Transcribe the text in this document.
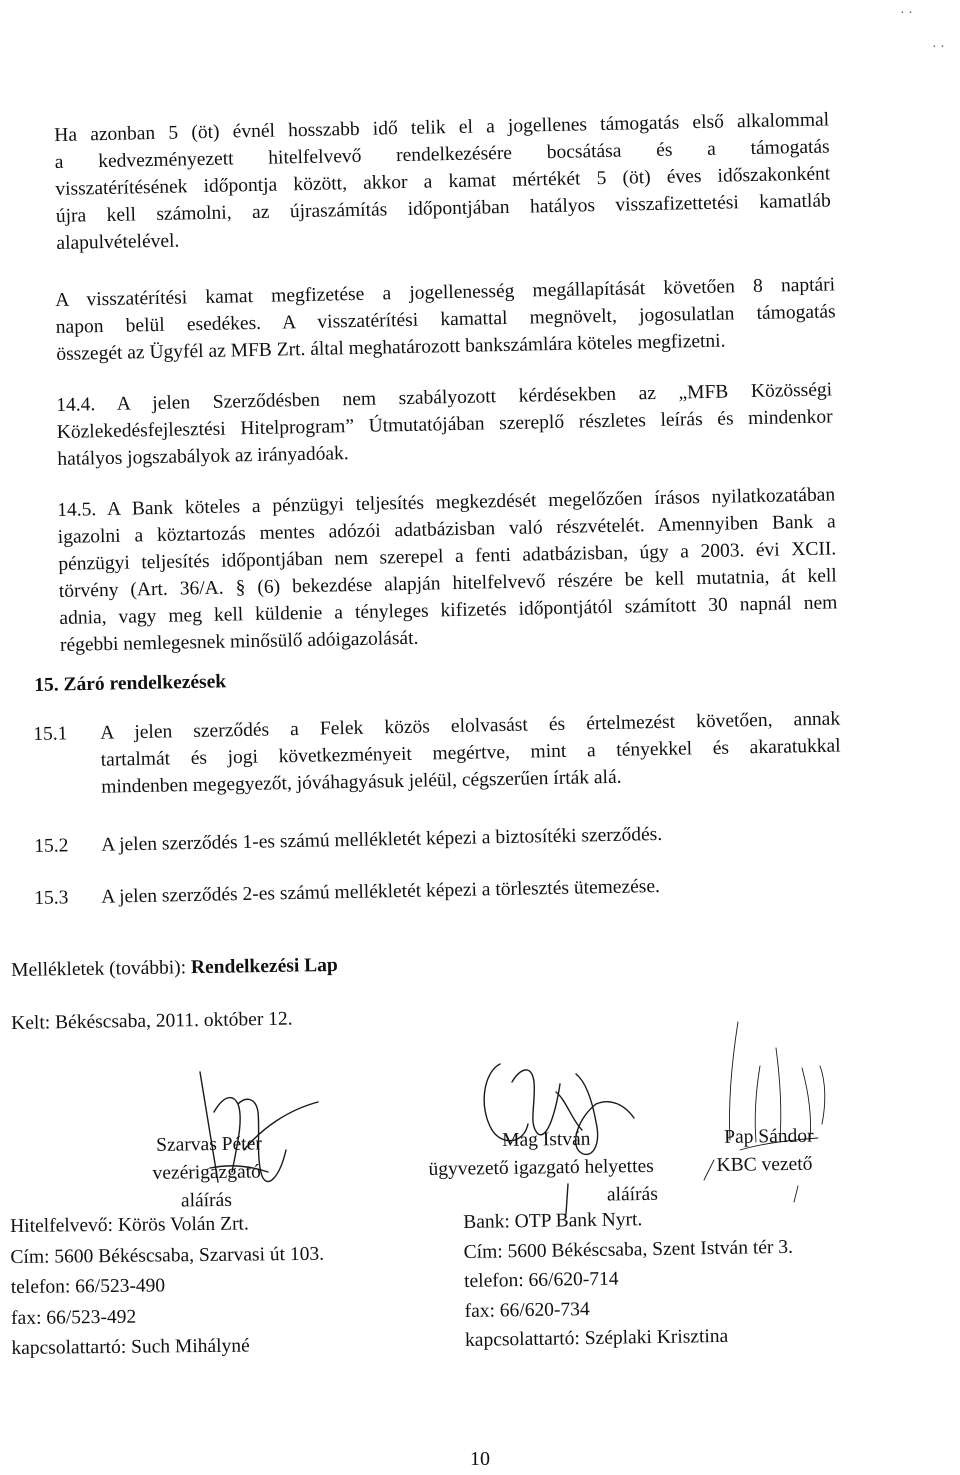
· ·
· ·
Ha azonban 5 (öt) évnél hosszabb idő telik el a jogellenes támogatás első alkalommal
a kedvezményezett hitelfelvevő rendelkezésére bocsátása és a támogatás
visszatérítésének időpontja között, akkor a kamat mértékét 5 (öt) éves időszakonként
újra kell számolni, az újraszámítás időpontjában hatályos visszafizettetési kamatláb
alapulvételével.
A visszatérítési kamat megfizetése a jogellenesség megállapítását követően 8 naptári
napon belül esedékes. A visszatérítési kamattal megnövelt, jogosulatlan támogatás
összegét az Ügyfél az MFB Zrt. által meghatározott bankszámlára köteles megfizetni.
14.4. A jelen Szerződésben nem szabályozott kérdésekben az „MFB Közösségi
Közlekedésfejlesztési Hitelprogram” Útmutatójában szereplő részletes leírás és mindenkor
hatályos jogszabályok az irányadóak.
14.5. A Bank köteles a pénzügyi teljesítés megkezdését megelőzően írásos nyilatkozatában
igazolni a köztartozás mentes adózói adatbázisban való részvételét. Amennyiben Bank a
pénzügyi teljesítés időpontjában nem szerepel a fenti adatbázisban, úgy a 2003. évi XCII.
törvény (Art. 36/A. § (6) bekezdése alapján hitelfelvevő részére be kell mutatnia, át kell
adnia, vagy meg kell küldenie a tényleges kifizetés időpontjától számított 30 napnál nem
régebbi nemlegesnek minősülő adóigazolását.
15. Záró rendelkezések
15.1 A jelen szerződés a Felek közös elolvasást és értelmezést követően, annak
tartalmát és jogi következményeit megértve, mint a tényekkel és akaratukkal
mindenben megegyezőt, jóváhagyásuk jeléül, cégszerűen írták alá.
15.2 A jelen szerződés 1-es számú mellékletét képezi a biztosítéki szerződés.
15.3 A jelen szerződés 2-es számú mellékletét képezi a törlesztés ütemezése.
Mellékletek (további): Rendelkezési Lap
Kelt: Békéscsaba, 2011. október 12.
Szarvas Péter
vezérigazgató
aláírás
Mag István
ügyvezető igazgató helyettes
aláírás
Pap Sándor
KBC vezető
Hitelfelvevő: Körös Volán Zrt.
Cím: 5600 Békéscsaba, Szarvasi út 103.
telefon: 66/523-490
fax: 66/523-492
kapcsolattartó: Such Mihályné
Bank: OTP Bank Nyrt.
Cím: 5600 Békéscsaba, Szent István tér 3.
telefon: 66/620-714
fax: 66/620-734
kapcsolattartó: Széplaki Krisztina
10
